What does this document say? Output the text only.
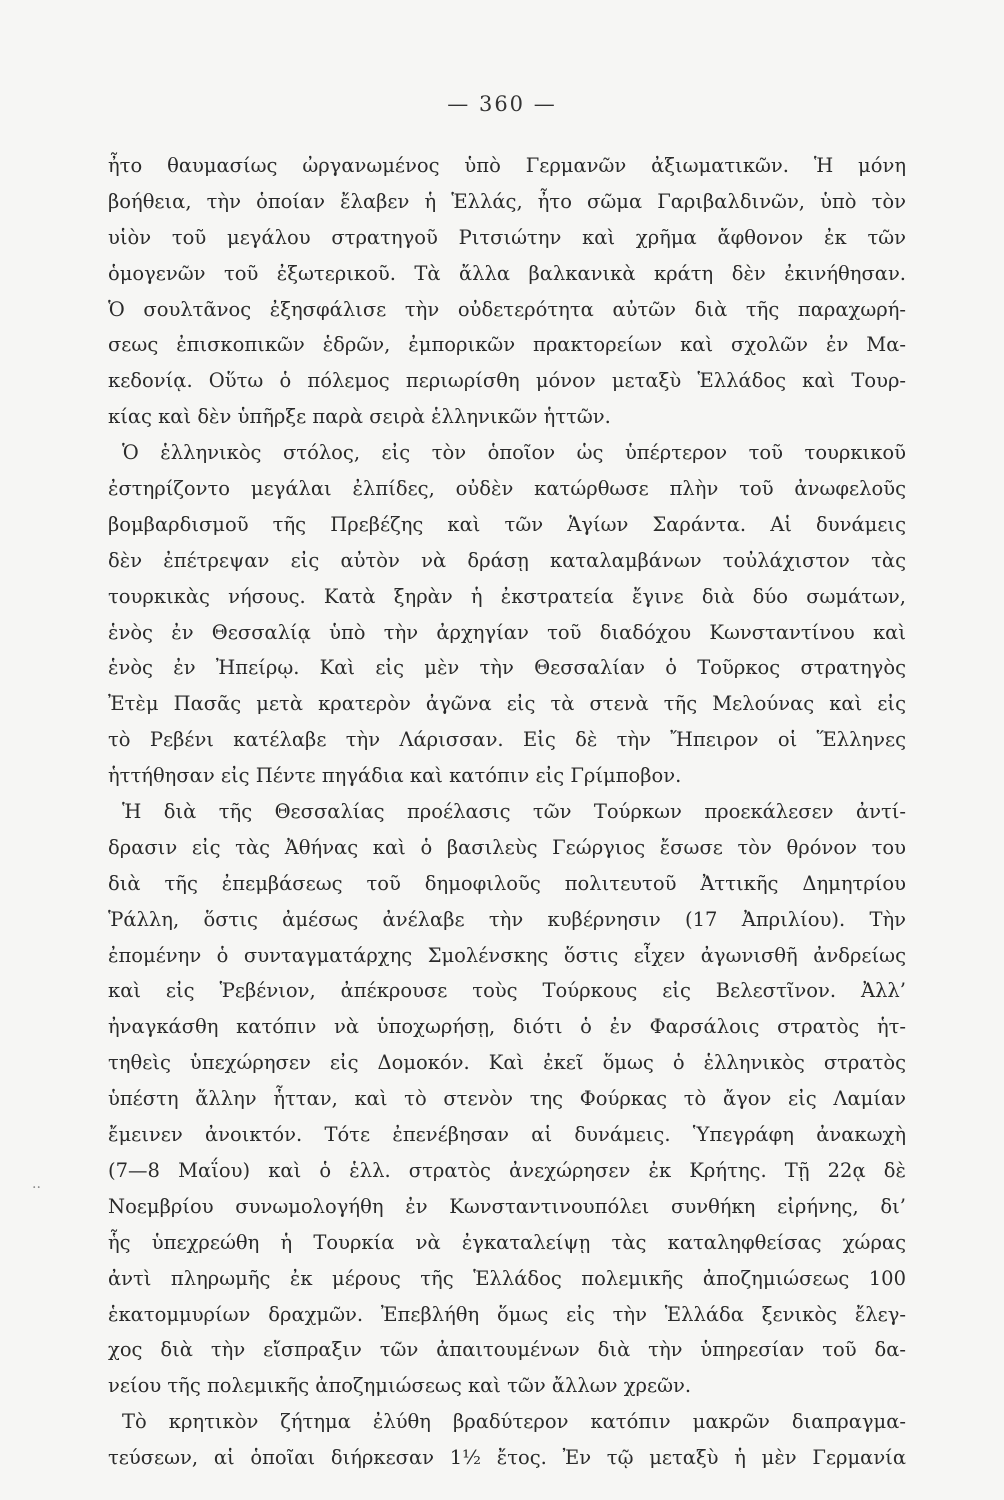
— 360 —
..
ἦτο θαυμασίως ὠργανωμένος ὑπὸ Γερμανῶν ἀξιωματικῶν. Ἡ μόνη
βοήθεια, τὴν ὁποίαν ἔλαβεν ἡ Ἑλλάς, ἦτο σῶμα Γαριβαλδινῶν, ὑπὸ τὸν
υἱὸν τοῦ μεγάλου στρατηγοῦ Ριτσιώτην καὶ χρῆμα ἄφθονον ἐκ τῶν
ὁμογενῶν τοῦ ἐξωτερικοῦ. Τὰ ἄλλα βαλκανικὰ κράτη δὲν ἐκινήθησαν.
Ὁ σουλτᾶνος ἐξησφάλισε τὴν οὐδετερότητα αὐτῶν διὰ τῆς παραχωρή-
σεως ἐπισκοπικῶν ἑδρῶν, ἐμπορικῶν πρακτορείων καὶ σχολῶν ἐν Μα-
κεδονίᾳ. Οὕτω ὁ πόλεμος περιωρίσθη μόνον μεταξὺ Ἑλλάδος καὶ Τουρ-
κίας καὶ δὲν ὑπῆρξε παρὰ σειρὰ ἑλληνικῶν ἡττῶν.
Ὁ ἑλληνικὸς στόλος, εἰς τὸν ὁποῖον ὡς ὑπέρτερον τοῦ τουρκικοῦ
ἐστηρίζοντο μεγάλαι ἐλπίδες, οὐδὲν κατώρθωσε πλὴν τοῦ ἀνωφελοῦς
βομβαρδισμοῦ τῆς Πρεβέζης καὶ τῶν Ἁγίων Σαράντα. Αἱ δυνάμεις
δὲν ἐπέτρεψαν εἰς αὐτὸν νὰ δράσῃ καταλαμβάνων τοὐλάχιστον τὰς
τουρκικὰς νήσους. Κατὰ ξηρὰν ἡ ἐκστρατεία ἔγινε διὰ δύο σωμάτων,
ἑνὸς ἐν Θεσσαλίᾳ ὑπὸ τὴν ἀρχηγίαν τοῦ διαδόχου Κωνσταντίνου καὶ
ἑνὸς ἐν Ἠπείρῳ. Καὶ εἰς μὲν τὴν Θεσσαλίαν ὁ Τοῦρκος στρατηγὸς
Ἐτὲμ Πασᾶς μετὰ κρατερὸν ἀγῶνα εἰς τὰ στενὰ τῆς Μελούνας καὶ εἰς
τὸ Ρεβένι κατέλαβε τὴν Λάρισσαν. Εἰς δὲ τὴν Ἤπειρον οἱ Ἕλληνες
ἡττήθησαν εἰς Πέντε πηγάδια καὶ κατόπιν εἰς Γρίμποβον.
Ἡ διὰ τῆς Θεσσαλίας προέλασις τῶν Τούρκων προεκάλεσεν ἀντί-
δρασιν εἰς τὰς Ἀθήνας καὶ ὁ βασιλεὺς Γεώργιος ἔσωσε τὸν θρόνον του
διὰ τῆς ἐπεμβάσεως τοῦ δημοφιλοῦς πολιτευτοῦ Ἀττικῆς Δημητρίου
Ῥάλλη, ὅστις ἀμέσως ἀνέλαβε τὴν κυβέρνησιν (17 Ἀπριλίου). Τὴν
ἐπομένην ὁ συνταγματάρχης Σμολένσκης ὅστις εἶχεν ἀγωνισθῆ ἀνδρείως
καὶ εἰς Ῥεβένιον, ἀπέκρουσε τοὺς Τούρκους εἰς Βελεστῖνον. Ἀλλ’
ἠναγκάσθη κατόπιν νὰ ὑποχωρήσῃ, διότι ὁ ἐν Φαρσάλοις στρατὸς ἡτ-
τηθεὶς ὑπεχώρησεν εἰς Δομοκόν. Καὶ ἐκεῖ ὅμως ὁ ἑλληνικὸς στρατὸς
ὑπέστη ἄλλην ἧτταν, καὶ τὸ στενὸν της Φούρκας τὸ ἄγον εἰς Λαμίαν
ἔμεινεν ἀνοικτόν. Τότε ἐπενέβησαν αἱ δυνάμεις. Ὑπεγράφη ἀνακωχὴ
(7—8 Μαΐου) καὶ ὁ ἑλλ. στρατὸς ἀνεχώρησεν ἐκ Κρήτης. Τῇ 22ᾳ δὲ
Νοεμβρίου συνωμολογήθη ἐν Κωνσταντινουπόλει συνθήκη εἰρήνης, δι’
ἧς ὑπεχρεώθη ἡ Τουρκία νὰ ἐγκαταλείψῃ τὰς καταληφθείσας χώρας
ἀντὶ πληρωμῆς ἐκ μέρους τῆς Ἑλλάδος πολεμικῆς ἀποζημιώσεως 100
ἑκατομμυρίων δραχμῶν. Ἐπεβλήθη ὅμως εἰς τὴν Ἑλλάδα ξενικὸς ἔλεγ-
χος διὰ τὴν εἴσπραξιν τῶν ἀπαιτουμένων διὰ τὴν ὑπηρεσίαν τοῦ δα-
νείου τῆς πολεμικῆς ἀποζημιώσεως καὶ τῶν ἄλλων χρεῶν.
Τὸ κρητικὸν ζήτημα ἐλύθη βραδύτερον κατόπιν μακρῶν διαπραγμα-
τεύσεων, αἱ ὁποῖαι διήρκεσαν 1½ ἔτος. Ἐν τῷ μεταξὺ ἡ μὲν Γερμανία
